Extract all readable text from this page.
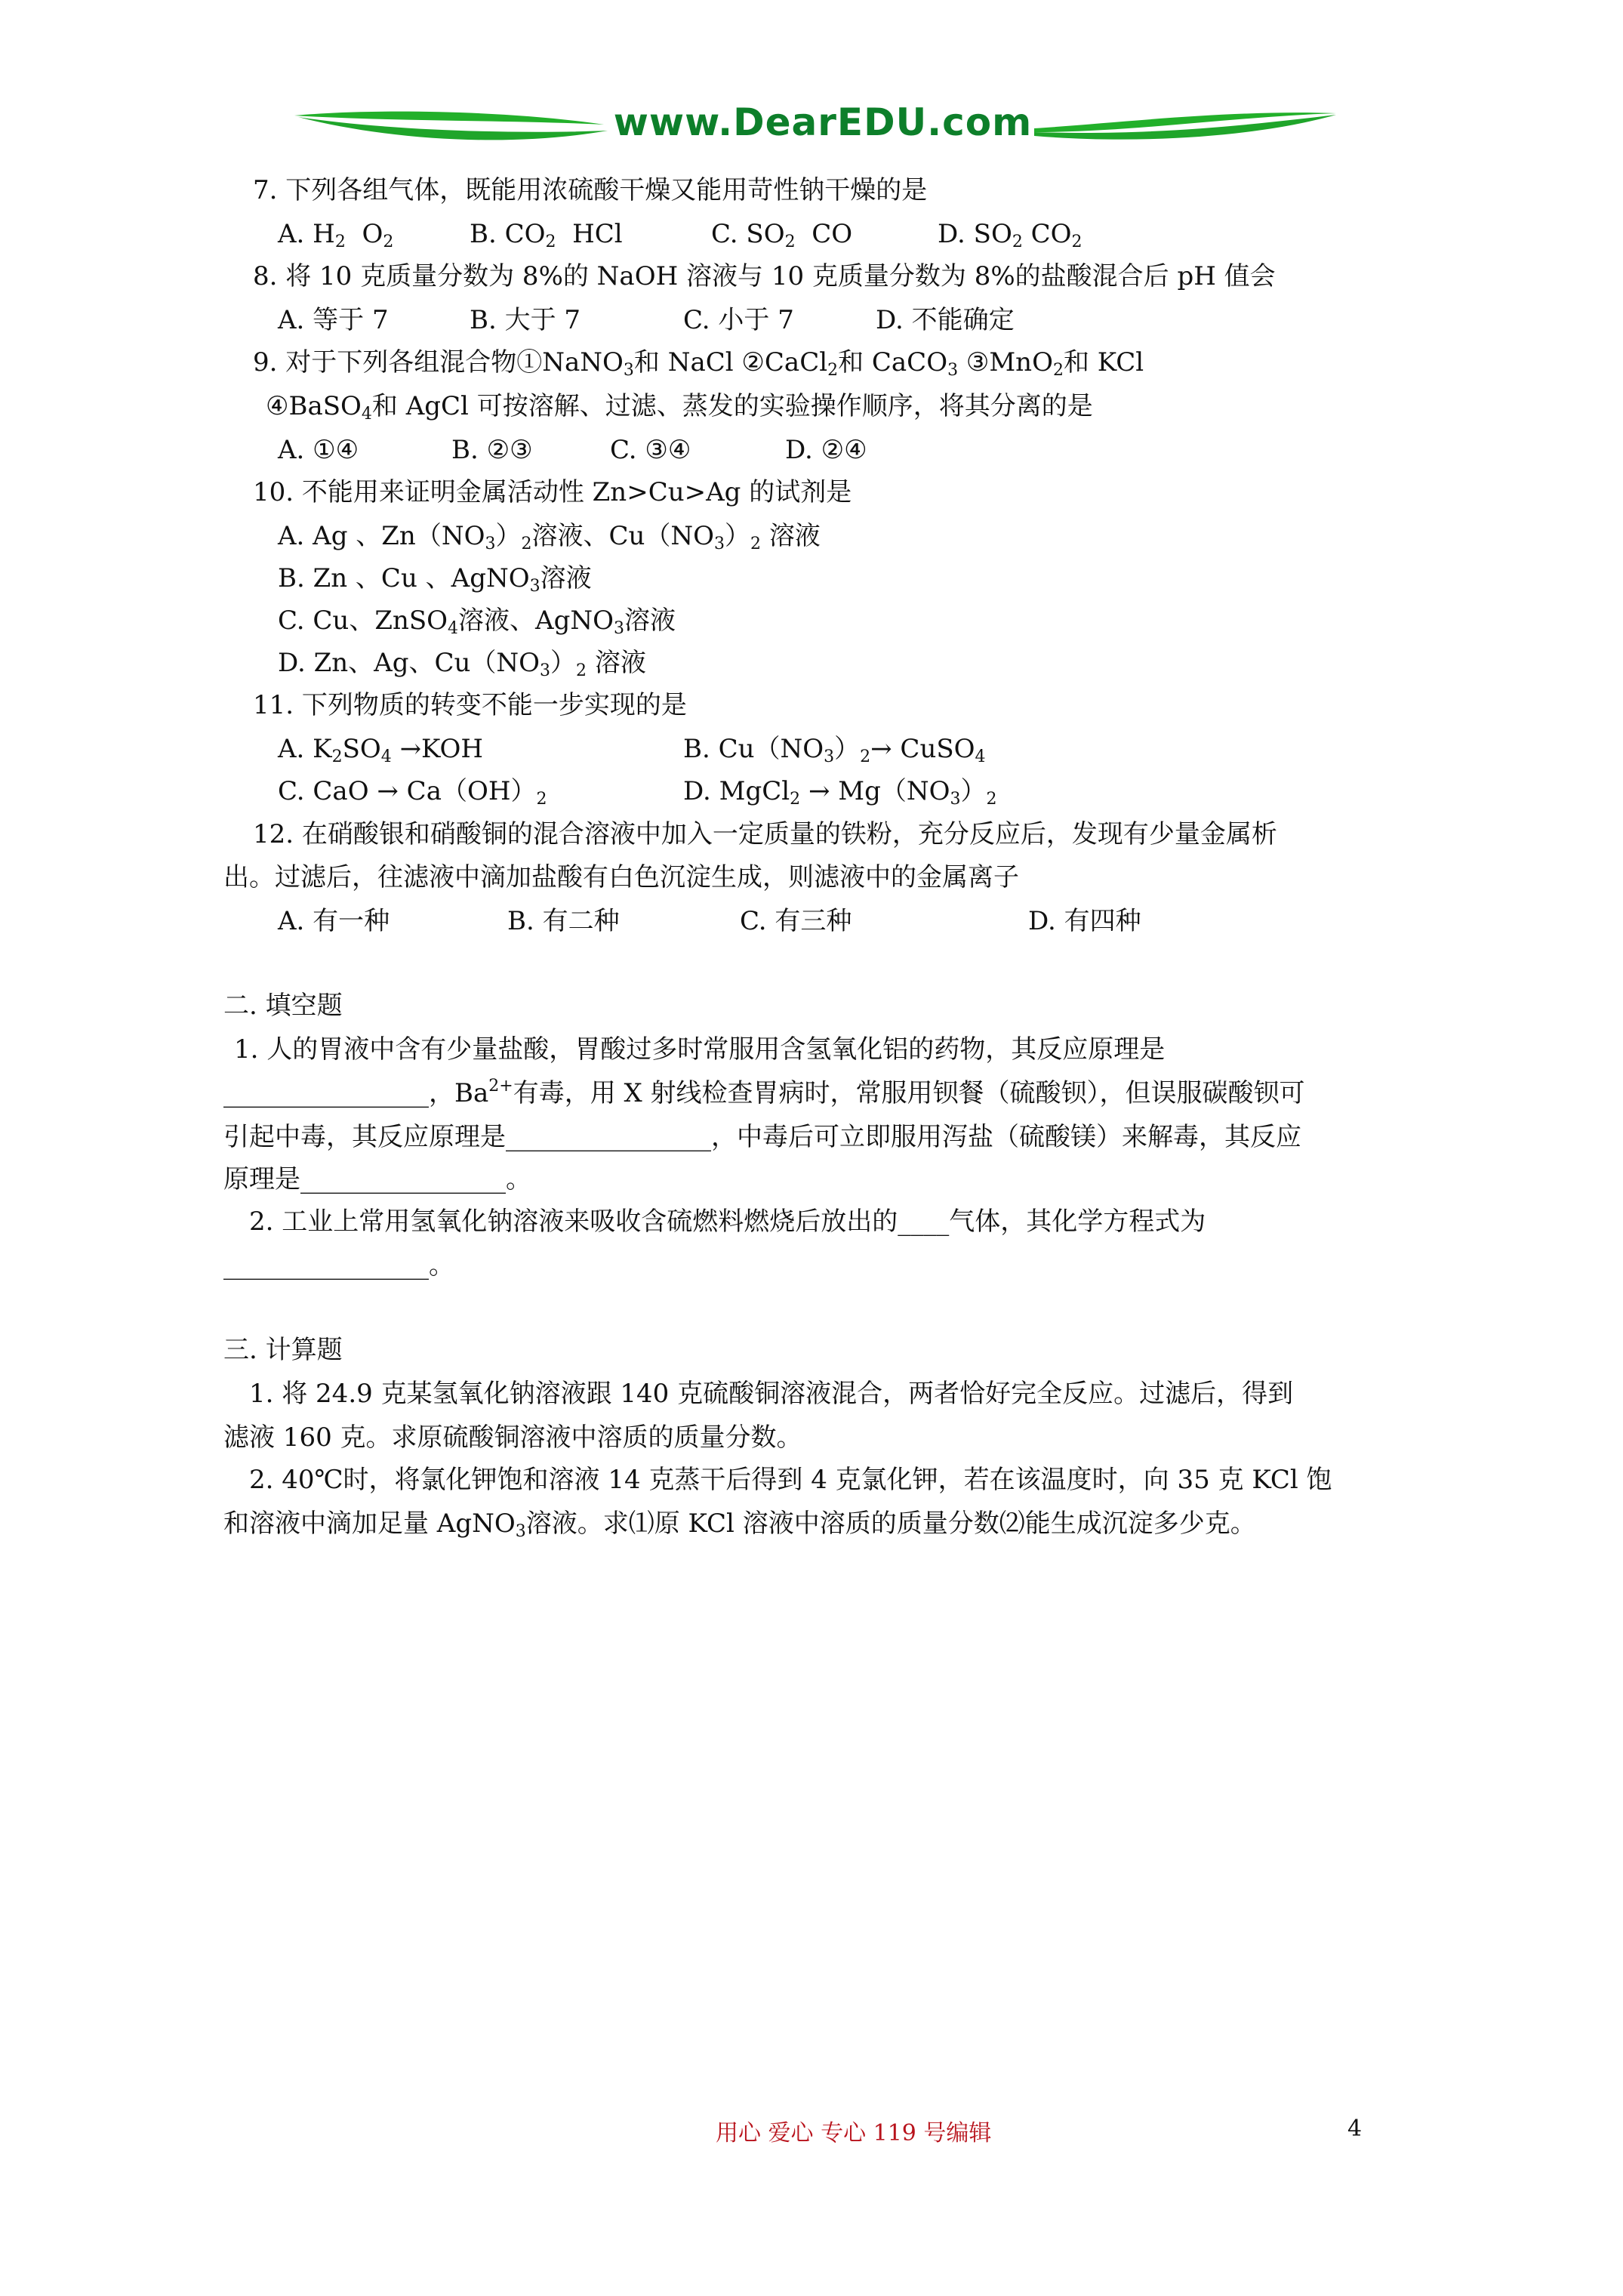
www.DearEDU.com
7. 下列各组气体，既能用浓硫酸干燥又能用苛性钠干燥的是
A. $H_2$ $O_2$	B. $CO_2$ HCl	C. $SO_2$ CO	D. $SO_2$ $CO_2$
8. 将 10 克质量分数为 8%的 NaOH 溶液与 10 克质量分数为 8%的盐酸混合后 pH 值会
A. 等于 7	B. 大于 7	C. 小于 7	D. 不能确定
9. 对于下列各组混合物①NaNO$_3$和 NaCl ②CaCl$_2$和 CaCO$_3$ ③MnO$_2$和 KCl
④BaSO$_4$和 AgCl 可按溶解、过滤、蒸发的实验操作顺序，将其分离的是
A. ①④	B. ②③	C. ③④	D. ②④
10. 不能用来证明金属活动性 Zn>Cu>Ag 的试剂是
A. Ag 、$Zn(NO_3)_2$溶液、$Cu(NO_3)_2$ 溶液
B. Zn 、Cu 、AgNO$_3$溶液
C. Cu、ZnSO$_4$溶液、AgNO$_3$溶液
D. Zn、Ag、$Cu(NO_3)_2$ 溶液
11. 下列物质的转变不能一步实现的是
A. $K_2SO_4 \to KOH$	B. $Cu(NO_3)_2\to$ CuSO$_4$
C. CaO → $Ca(OH)_2$	D. MgCl$_2$ → $Mg(NO_3)_2$
12. 在硝酸银和硝酸铜的混合溶液中加入一定质量的铁粉，充分反应后，发现有少量金属析
出。过滤后，往滤液中滴加盐酸有白色沉淀生成，则滤液中的金属离子
A. 有一种	B. 有二种	C. 有三种	D. 有四种
二. 填空题
1. 人的胃液中含有少量盐酸，胃酸过多时常服用含氢氧化铝的药物，其反应原理是
________________，$Ba^{2+}$有毒，用 X 射线检查胃病时，常服用钡餐（硫酸钡），但误服碳酸钡可
引起中毒，其反应原理是________________，中毒后可立即服用泻盐（硫酸镁）来解毒，其反应
原理是________________。
2. 工业上常用氢氧化钠溶液来吸收含硫燃料燃烧后放出的____气体，其化学方程式为
________________。
三. 计算题
1. 将 24.9 克某氢氧化钠溶液跟 140 克硫酸铜溶液混合，两者恰好完全反应。过滤后，得到
滤液 160 克。求原硫酸铜溶液中溶质的质量分数。
2. 40℃时，将氯化钾饱和溶液 14 克蒸干后得到 4 克氯化钾，若在该温度时，向 35 克 KCl 饱
和溶液中滴加足量 AgNO$_3$溶液。求⑴原 KCl 溶液中溶质的质量分数⑵能生成沉淀多少克。
用心 爱心 专心 119 号编辑	4
